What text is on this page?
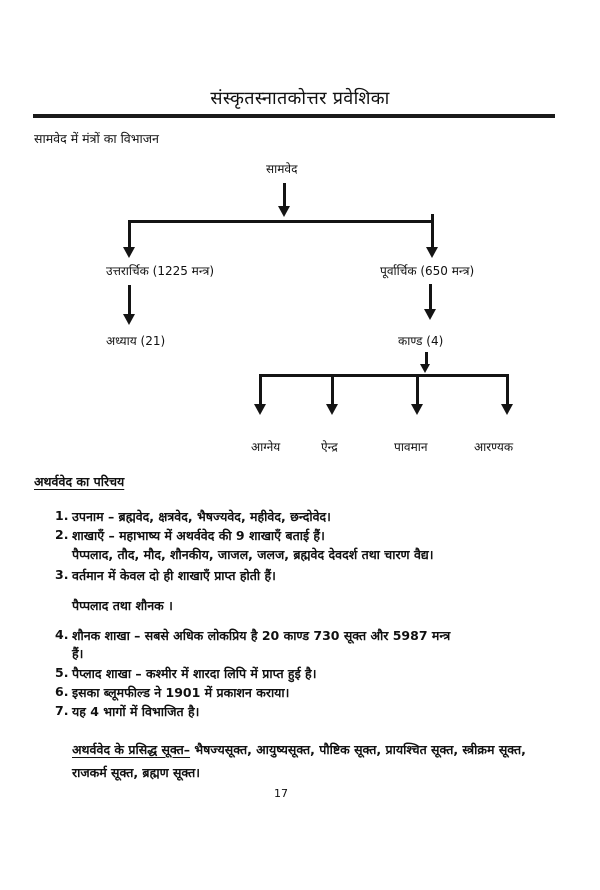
संस्कृतस्नातकोत्तर प्रवेशिका
सामवेद में मंत्रों का विभाजन
सामवेद
उत्तरार्चिक (1225 मन्त्र)
अध्याय (21)
पूर्वार्चिक (650 मन्त्र)
काण्ड (4)
आग्नेय	ऐन्द्र	पावमान	आरण्यक
अथर्ववेद का परिचय
1. उपनाम – ब्रह्मवेद, क्षत्रवेद, भैषज्यवेद, महीवेद, छन्दोवेद।
2. शाखाएँ – महाभाष्य में अथर्ववेद की 9 शाखाएँ बताई हैं।
पैप्पलाद, तौद, मौद, शौनकीय, जाजल, जलज, ब्रह्मवेद देवदर्श तथा चारण वैद्य।
3. वर्तमान में केवल दो ही शाखाएँ प्राप्त होती हैं।
पैप्पलाद तथा शौनक ।
4. शौनक शाखा – सबसे अधिक लोकप्रिय है 20 काण्ड 730 सूक्त और 5987 मन्त्र
हैं।
5. पैप्लाद शाखा – कश्मीर में शारदा लिपि में प्राप्त हुई है।
6. इसका ब्लूमफील्ड ने 1901 में प्रकाशन कराया।
7. यह 4 भागों में विभाजित है।
अथर्ववेद के प्रसिद्ध सूक्त– भैषज्यसूक्त, आयुष्यसूक्त, पौष्टिक सूक्त, प्रायश्चित सूक्त, स्त्रीक्रम सूक्त, राजकर्म सूक्त, ब्रह्मण सूक्त।
17
